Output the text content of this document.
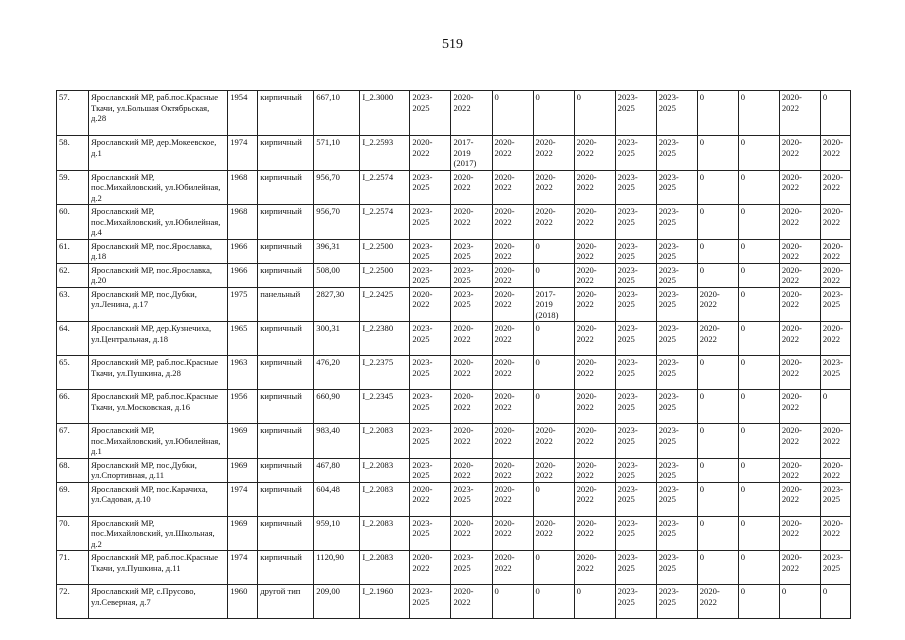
519
57.	Ярославский МР, раб.пос.Красные Ткачи, ул.Большая Октябрьская, д.28	1954	кирпичный	667,10	I_2.3000	2023-2025	2020-2022	0	0	0	2023-2025	2023-2025	0	0	2020-2022	0
58.	Ярославский МР, дер.Мокеевское, д.1	1974	кирпичный	571,10	I_2.2593	2020-2022	2017-2019 (2017)	2020-2022	2020-2022	2020-2022	2023-2025	2023-2025	0	0	2020-2022	2020-2022
59.	Ярославский МР, пос.Михайловский, ул.Юбилейная, д.2	1968	кирпичный	956,70	I_2.2574	2023-2025	2020-2022	2020-2022	2020-2022	2020-2022	2023-2025	2023-2025	0	0	2020-2022	2020-2022
60.	Ярославский МР, пос.Михайловский, ул.Юбилейная, д.4	1968	кирпичный	956,70	I_2.2574	2023-2025	2020-2022	2020-2022	2020-2022	2020-2022	2023-2025	2023-2025	0	0	2020-2022	2020-2022
61.	Ярославский МР, пос.Ярославка, д.18	1966	кирпичный	396,31	I_2.2500	2023-2025	2023-2025	2020-2022	0	2020-2022	2023-2025	2023-2025	0	0	2020-2022	2020-2022
62.	Ярославский МР, пос.Ярославка, д.20	1966	кирпичный	508,00	I_2.2500	2023-2025	2023-2025	2020-2022	0	2020-2022	2023-2025	2023-2025	0	0	2020-2022	2020-2022
63.	Ярославский МР, пос.Дубки, ул.Ленина, д.17	1975	панельный	2827,30	I_2.2425	2020-2022	2023-2025	2020-2022	2017-2019 (2018)	2020-2022	2023-2025	2023-2025	2020-2022	0	2020-2022	2023-2025
64.	Ярославский МР, дер.Кузнечиха, ул.Центральная, д.18	1965	кирпичный	300,31	I_2.2380	2023-2025	2020-2022	2020-2022	0	2020-2022	2023-2025	2023-2025	2020-2022	0	2020-2022	2020-2022
65.	Ярославский МР, раб.пос.Красные Ткачи, ул.Пушкина, д.28	1963	кирпичный	476,20	I_2.2375	2023-2025	2020-2022	2020-2022	0	2020-2022	2023-2025	2023-2025	0	0	2020-2022	2023-2025
66.	Ярославский МР, раб.пос.Красные Ткачи, ул.Московская, д.16	1956	кирпичный	660,90	I_2.2345	2023-2025	2020-2022	2020-2022	0	2020-2022	2023-2025	2023-2025	0	0	2020-2022	0
67.	Ярославский МР, пос.Михайловский, ул.Юбилейная, д.1	1969	кирпичный	983,40	I_2.2083	2023-2025	2020-2022	2020-2022	2020-2022	2020-2022	2023-2025	2023-2025	0	0	2020-2022	2020-2022
68.	Ярославский МР, пос.Дубки, ул.Спортивная, д.11	1969	кирпичный	467,80	I_2.2083	2023-2025	2020-2022	2020-2022	2020-2022	2020-2022	2023-2025	2023-2025	0	0	2020-2022	2020-2022
69.	Ярославский МР, пос.Карачиха, ул.Садовая, д.10	1974	кирпичный	604,48	I_2.2083	2020-2022	2023-2025	2020-2022	0	2020-2022	2023-2025	2023-2025	0	0	2020-2022	2023-2025
70.	Ярославский МР, пос.Михайловский, ул.Школьная, д.2	1969	кирпичный	959,10	I_2.2083	2023-2025	2020-2022	2020-2022	2020-2022	2020-2022	2023-2025	2023-2025	0	0	2020-2022	2020-2022
71.	Ярославский МР, раб.пос.Красные Ткачи, ул.Пушкина, д.11	1974	кирпичный	1120,90	I_2.2083	2020-2022	2023-2025	2020-2022	0	2020-2022	2023-2025	2023-2025	0	0	2020-2022	2023-2025
72.	Ярославский МР, с.Прусово, ул.Северная, д.7	1960	другой тип	209,00	I_2.1960	2023-2025	2020-2022	0	0	0	2023-2025	2023-2025	2020-2022	0	0	0
